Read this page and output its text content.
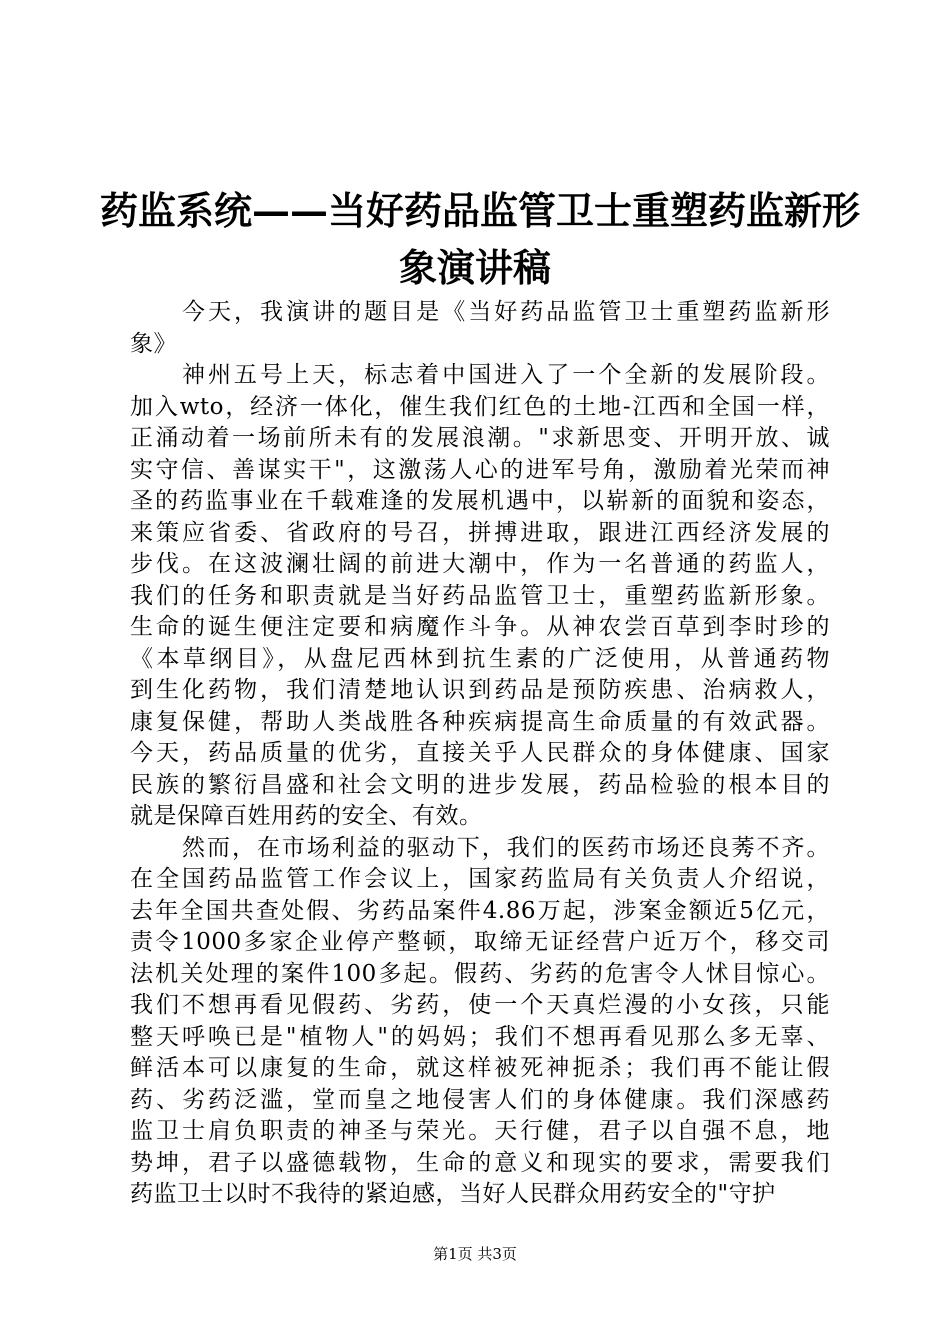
药监系统——当好药品监管卫士重塑药监新形
象演讲稿
今天，我演讲的题目是《当好药品监管卫士重塑药监新形
象》
神州五号上天，标志着中国进入了一个全新的发展阶段。
加入wto，经济一体化，催生我们红色的土地-江西和全国一样，
正涌动着一场前所未有的发展浪潮。"求新思变、开明开放、诚
实守信、善谋实干"，这激荡人心的进军号角，激励着光荣而神
圣的药监事业在千载难逢的发展机遇中，以崭新的面貌和姿态，
来策应省委、省政府的号召，拼搏进取，跟进江西经济发展的
步伐。在这波澜壮阔的前进大潮中，作为一名普通的药监人，
我们的任务和职责就是当好药品监管卫士，重塑药监新形象。
生命的诞生便注定要和病魔作斗争。从神农尝百草到李时珍的
《本草纲目》，从盘尼西林到抗生素的广泛使用，从普通药物
到生化药物，我们清楚地认识到药品是预防疾患、治病救人，
康复保健，帮助人类战胜各种疾病提高生命质量的有效武器。
今天，药品质量的优劣，直接关乎人民群众的身体健康、国家
民族的繁衍昌盛和社会文明的进步发展，药品检验的根本目的
就是保障百姓用药的安全、有效。
然而，在市场利益的驱动下，我们的医药市场还良莠不齐。
在全国药品监管工作会议上，国家药监局有关负责人介绍说，
去年全国共查处假、劣药品案件4.86万起，涉案金额近5亿元，
责令1000多家企业停产整顿，取缔无证经营户近万个，移交司
法机关处理的案件100多起。假药、劣药的危害令人怵目惊心。
我们不想再看见假药、劣药，使一个天真烂漫的小女孩，只能
整天呼唤已是"植物人"的妈妈；我们不想再看见那么多无辜、
鲜活本可以康复的生命，就这样被死神扼杀；我们再不能让假
药、劣药泛滥，堂而皇之地侵害人们的身体健康。我们深感药
监卫士肩负职责的神圣与荣光。天行健，君子以自强不息，地
势坤，君子以盛德载物，生命的意义和现实的要求，需要我们
药监卫士以时不我待的紧迫感，当好人民群众用药安全的"守护
第1页 共3页
